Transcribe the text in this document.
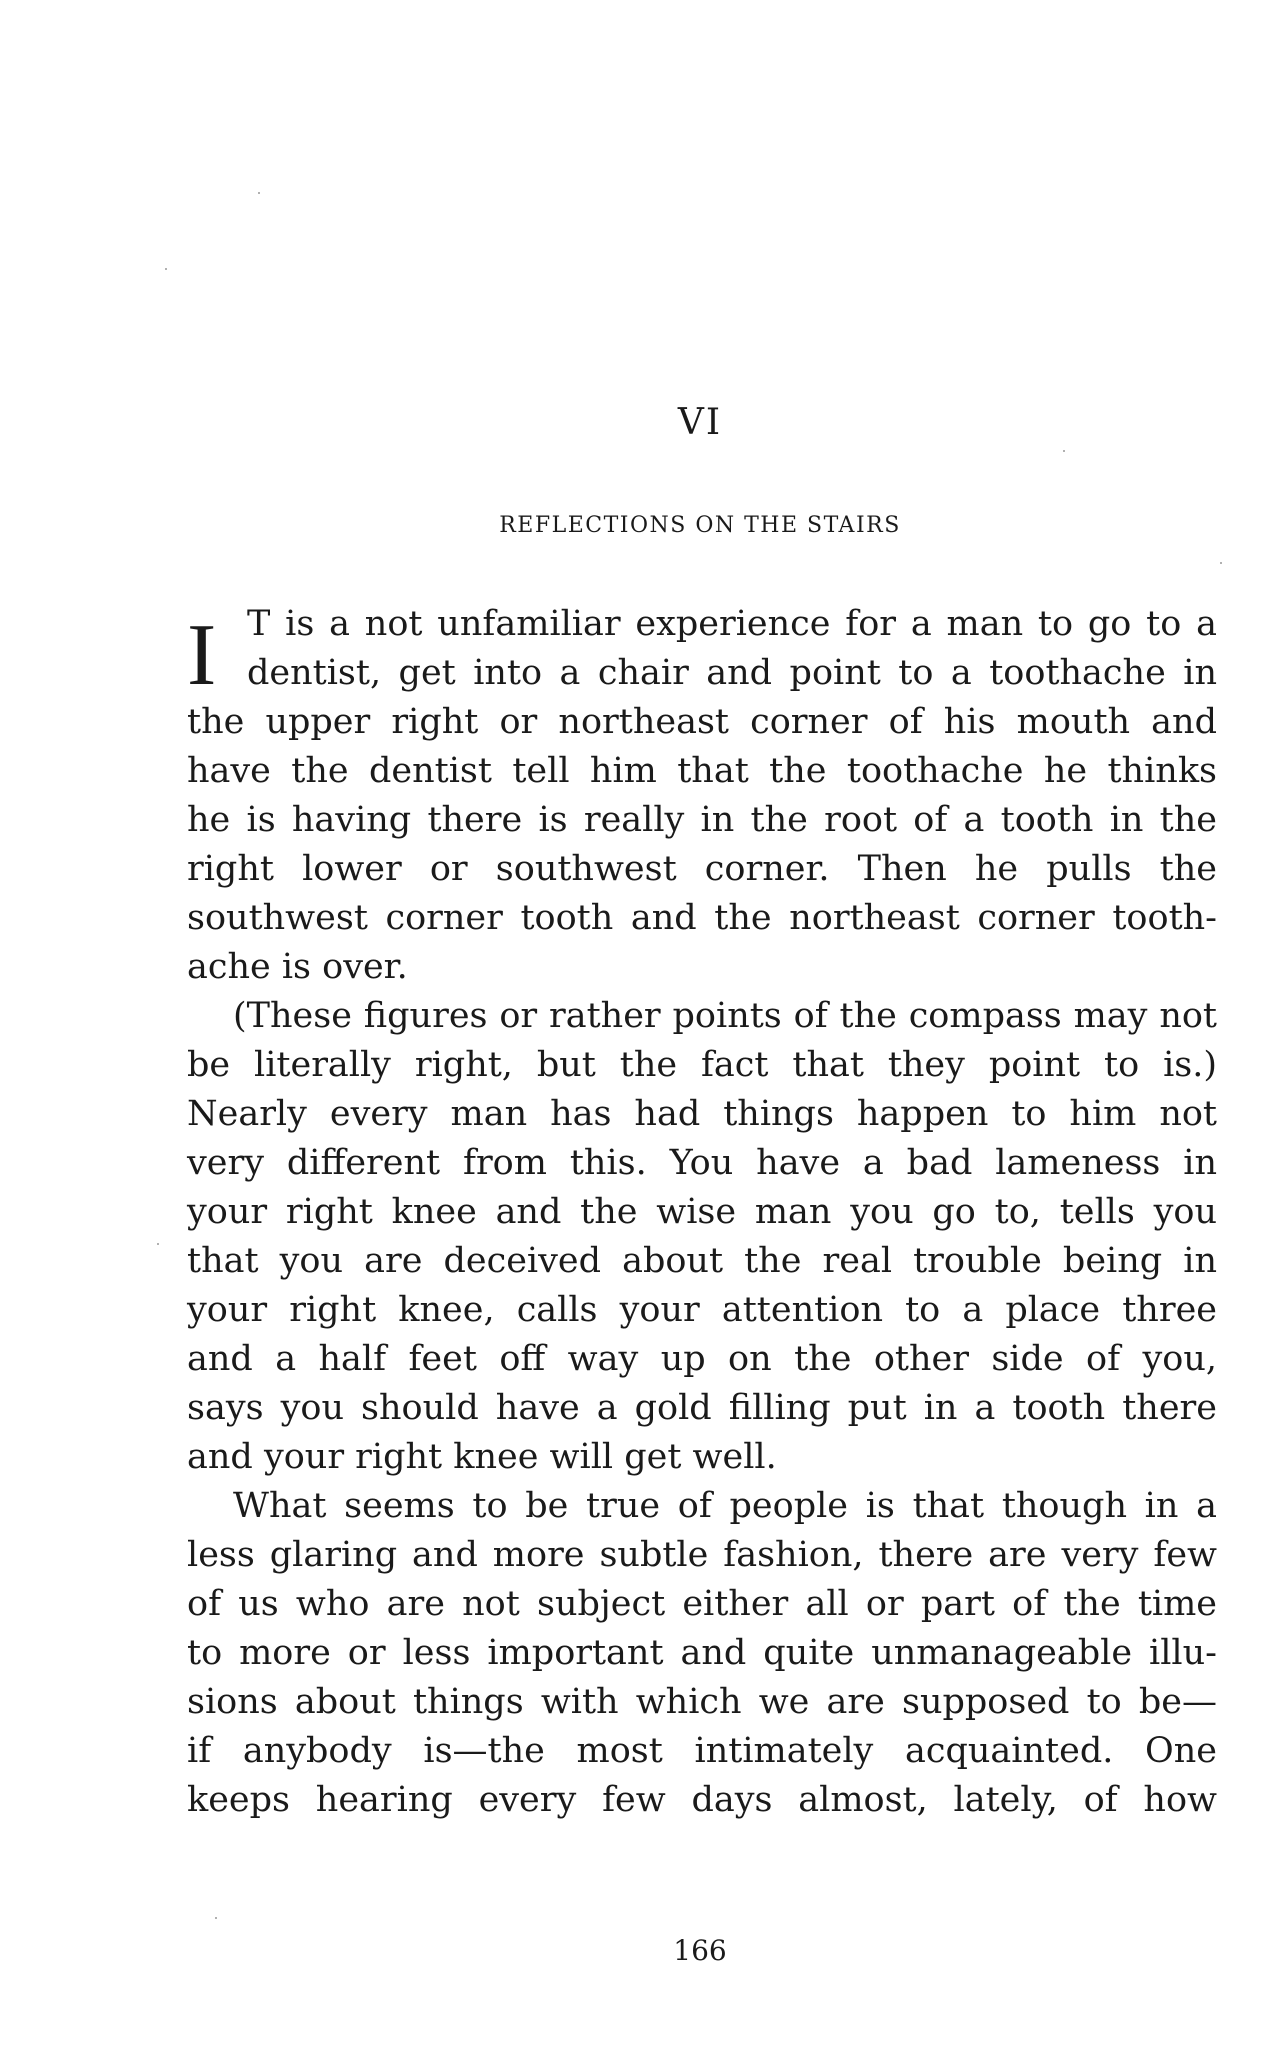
VI
REFLECTIONS ON THE STAIRS
I T is a not unfamiliar experience for a man to go to a
dentist, get into a chair and point to a toothache in
the upper right or northeast corner of his mouth and
have the dentist tell him that the toothache he thinks
he is having there is really in the root of a tooth in the
right lower or southwest corner. Then he pulls the
southwest corner tooth and the northeast corner tooth-
ache is over.
(These figures or rather points of the compass may not
be literally right, but the fact that they point to is.)
Nearly every man has had things happen to him not
very different from this. You have a bad lameness in
your right knee and the wise man you go to, tells you
that you are deceived about the real trouble being in
your right knee, calls your attention to a place three
and a half feet off way up on the other side of you,
says you should have a gold filling put in a tooth there
and your right knee will get well.
What seems to be true of people is that though in a
less glaring and more subtle fashion, there are very few
of us who are not subject either all or part of the time
to more or less important and quite unmanageable illu-
sions about things with which we are supposed to be—
if anybody is—the most intimately acquainted. One
keeps hearing every few days almost, lately, of how
166
